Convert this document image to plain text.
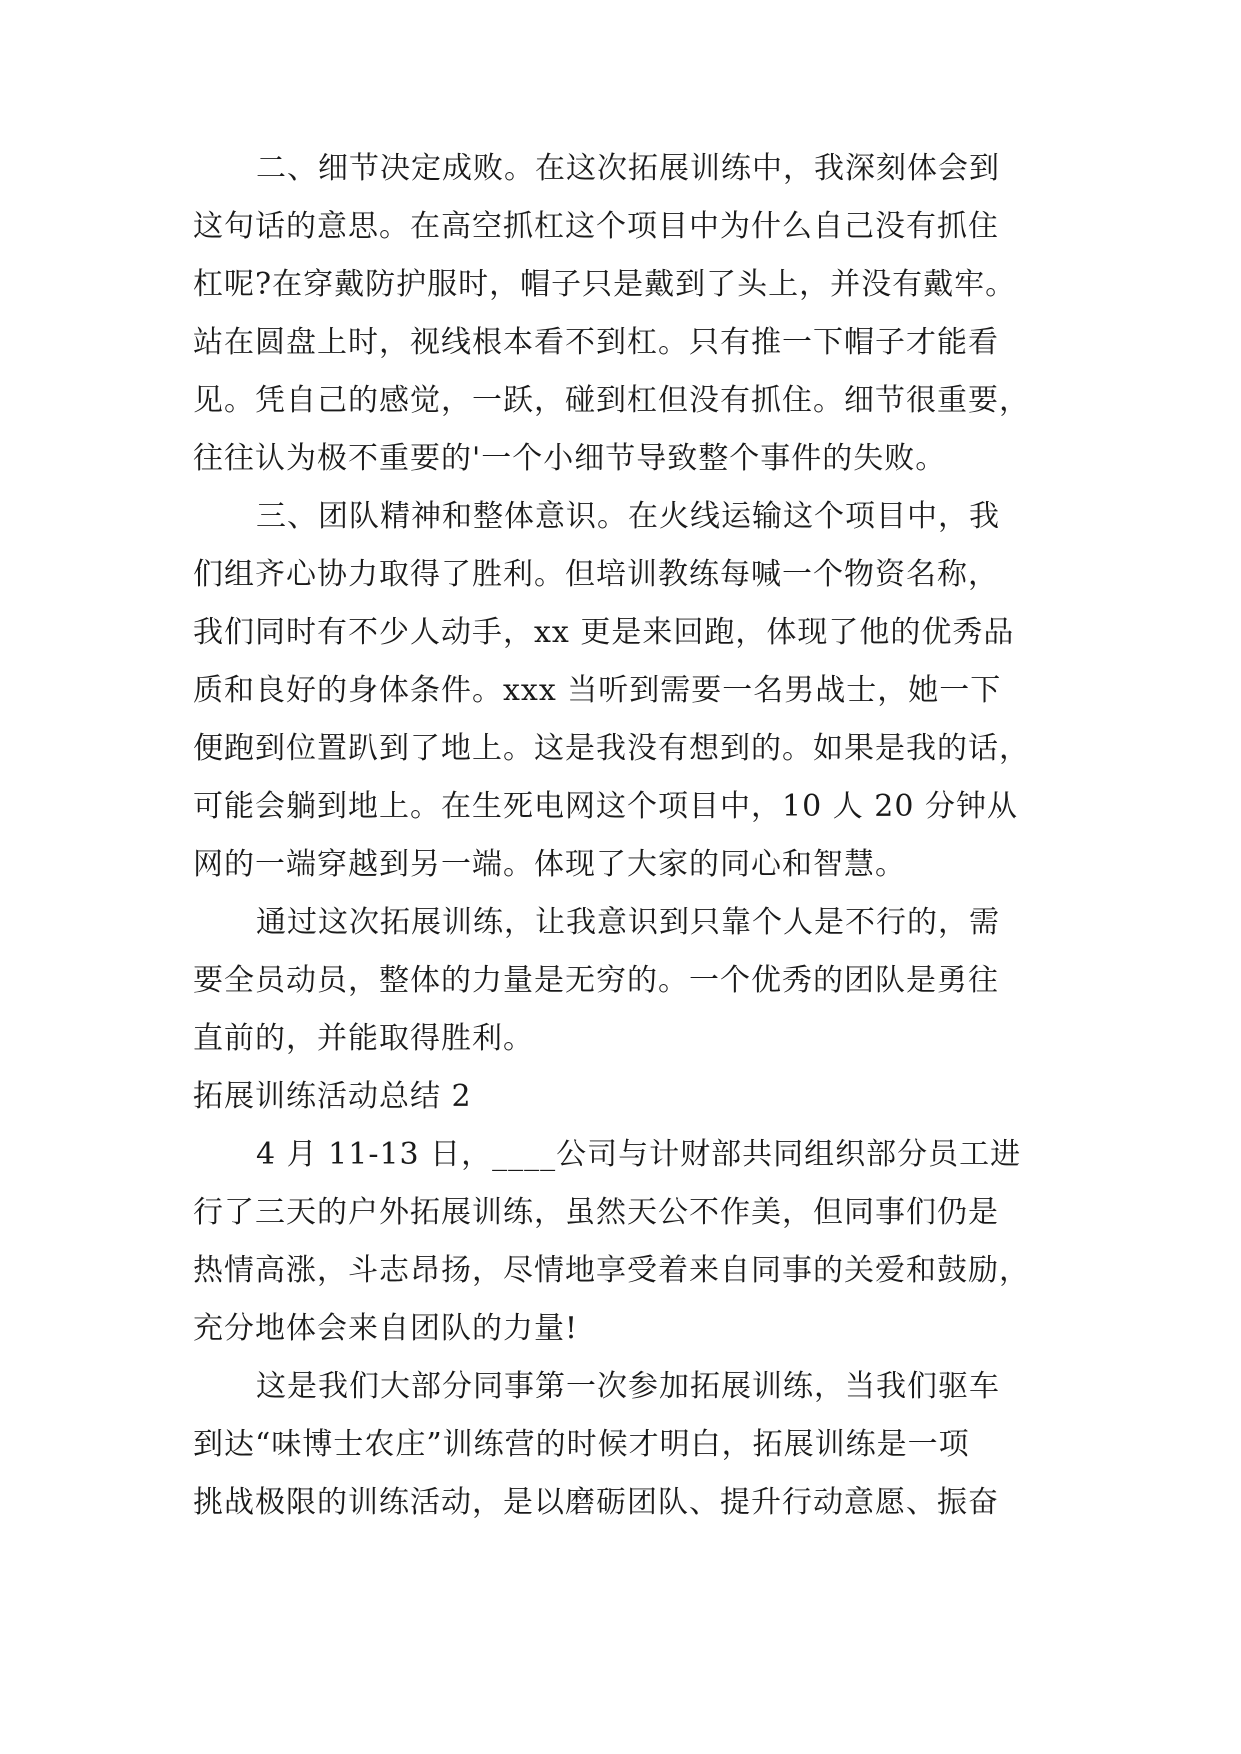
二、细节决定成败。在这次拓展训练中，我深刻体会到
这句话的意思。在高空抓杠这个项目中为什么自己没有抓住
杠呢?在穿戴防护服时，帽子只是戴到了头上，并没有戴牢。
站在圆盘上时，视线根本看不到杠。只有推一下帽子才能看
见。凭自己的感觉，一跃，碰到杠但没有抓住。细节很重要，
往往认为极不重要的'一个小细节导致整个事件的失败。
三、团队精神和整体意识。在火线运输这个项目中，我
们组齐心协力取得了胜利。但培训教练每喊一个物资名称，
我们同时有不少人动手，xx 更是来回跑，体现了他的优秀品
质和良好的身体条件。xxx 当听到需要一名男战士，她一下
便跑到位置趴到了地上。这是我没有想到的。如果是我的话，
可能会躺到地上。在生死电网这个项目中，10 人 20 分钟从
网的一端穿越到另一端。体现了大家的同心和智慧。
通过这次拓展训练，让我意识到只靠个人是不行的，需
要全员动员，整体的力量是无穷的。一个优秀的团队是勇往
直前的，并能取得胜利。
拓展训练活动总结 2
4 月 11-13 日，____公司与计财部共同组织部分员工进
行了三天的户外拓展训练，虽然天公不作美，但同事们仍是
热情高涨，斗志昂扬，尽情地享受着来自同事的关爱和鼓励，
充分地体会来自团队的力量!
这是我们大部分同事第一次参加拓展训练，当我们驱车
到达“味博士农庄”训练营的时候才明白，拓展训练是一项
挑战极限的训练活动，是以磨砺团队、提升行动意愿、振奋
